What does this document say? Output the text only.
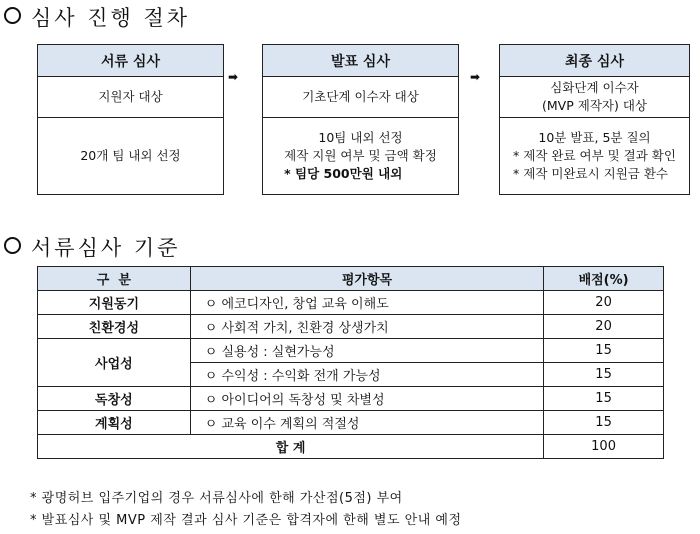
심사 진행 절차
서류 심사
지원자 대상
20개 팀 내외 선정
➡
발표 심사
기초단계 이수자 대상
10팀 내외 선정
제작 지원 여부 및 금액 확정
* 팀당 500만원 내외
➡
최종 심사
심화단계 이수자
(MVP 제작자) 대상
10분 발표, 5분 질의
* 제작 완료 여부 및 결과 확인
* 제작 미완료시 지원금 환수
서류심사 기준
구  분	평가항목	배점(%)
지원동기	ㅇ 에코디자인, 창업 교육 이해도	20
친환경성	ㅇ 사회적 가치, 친환경 상생가치	20
사업성	ㅇ 실용성 : 실현가능성	15
	ㅇ 수익성 : 수익화 전개 가능성	15
독창성	ㅇ 아이디어의 독창성 및 차별성	15
계획성	ㅇ 교육 이수 계획의 적절성	15
합 계		100
* 광명허브 입주기업의 경우 서류심사에 한해 가산점(5점) 부여
* 발표심사 및 MVP 제작 결과 심사 기준은 합격자에 한해 별도 안내 예정
